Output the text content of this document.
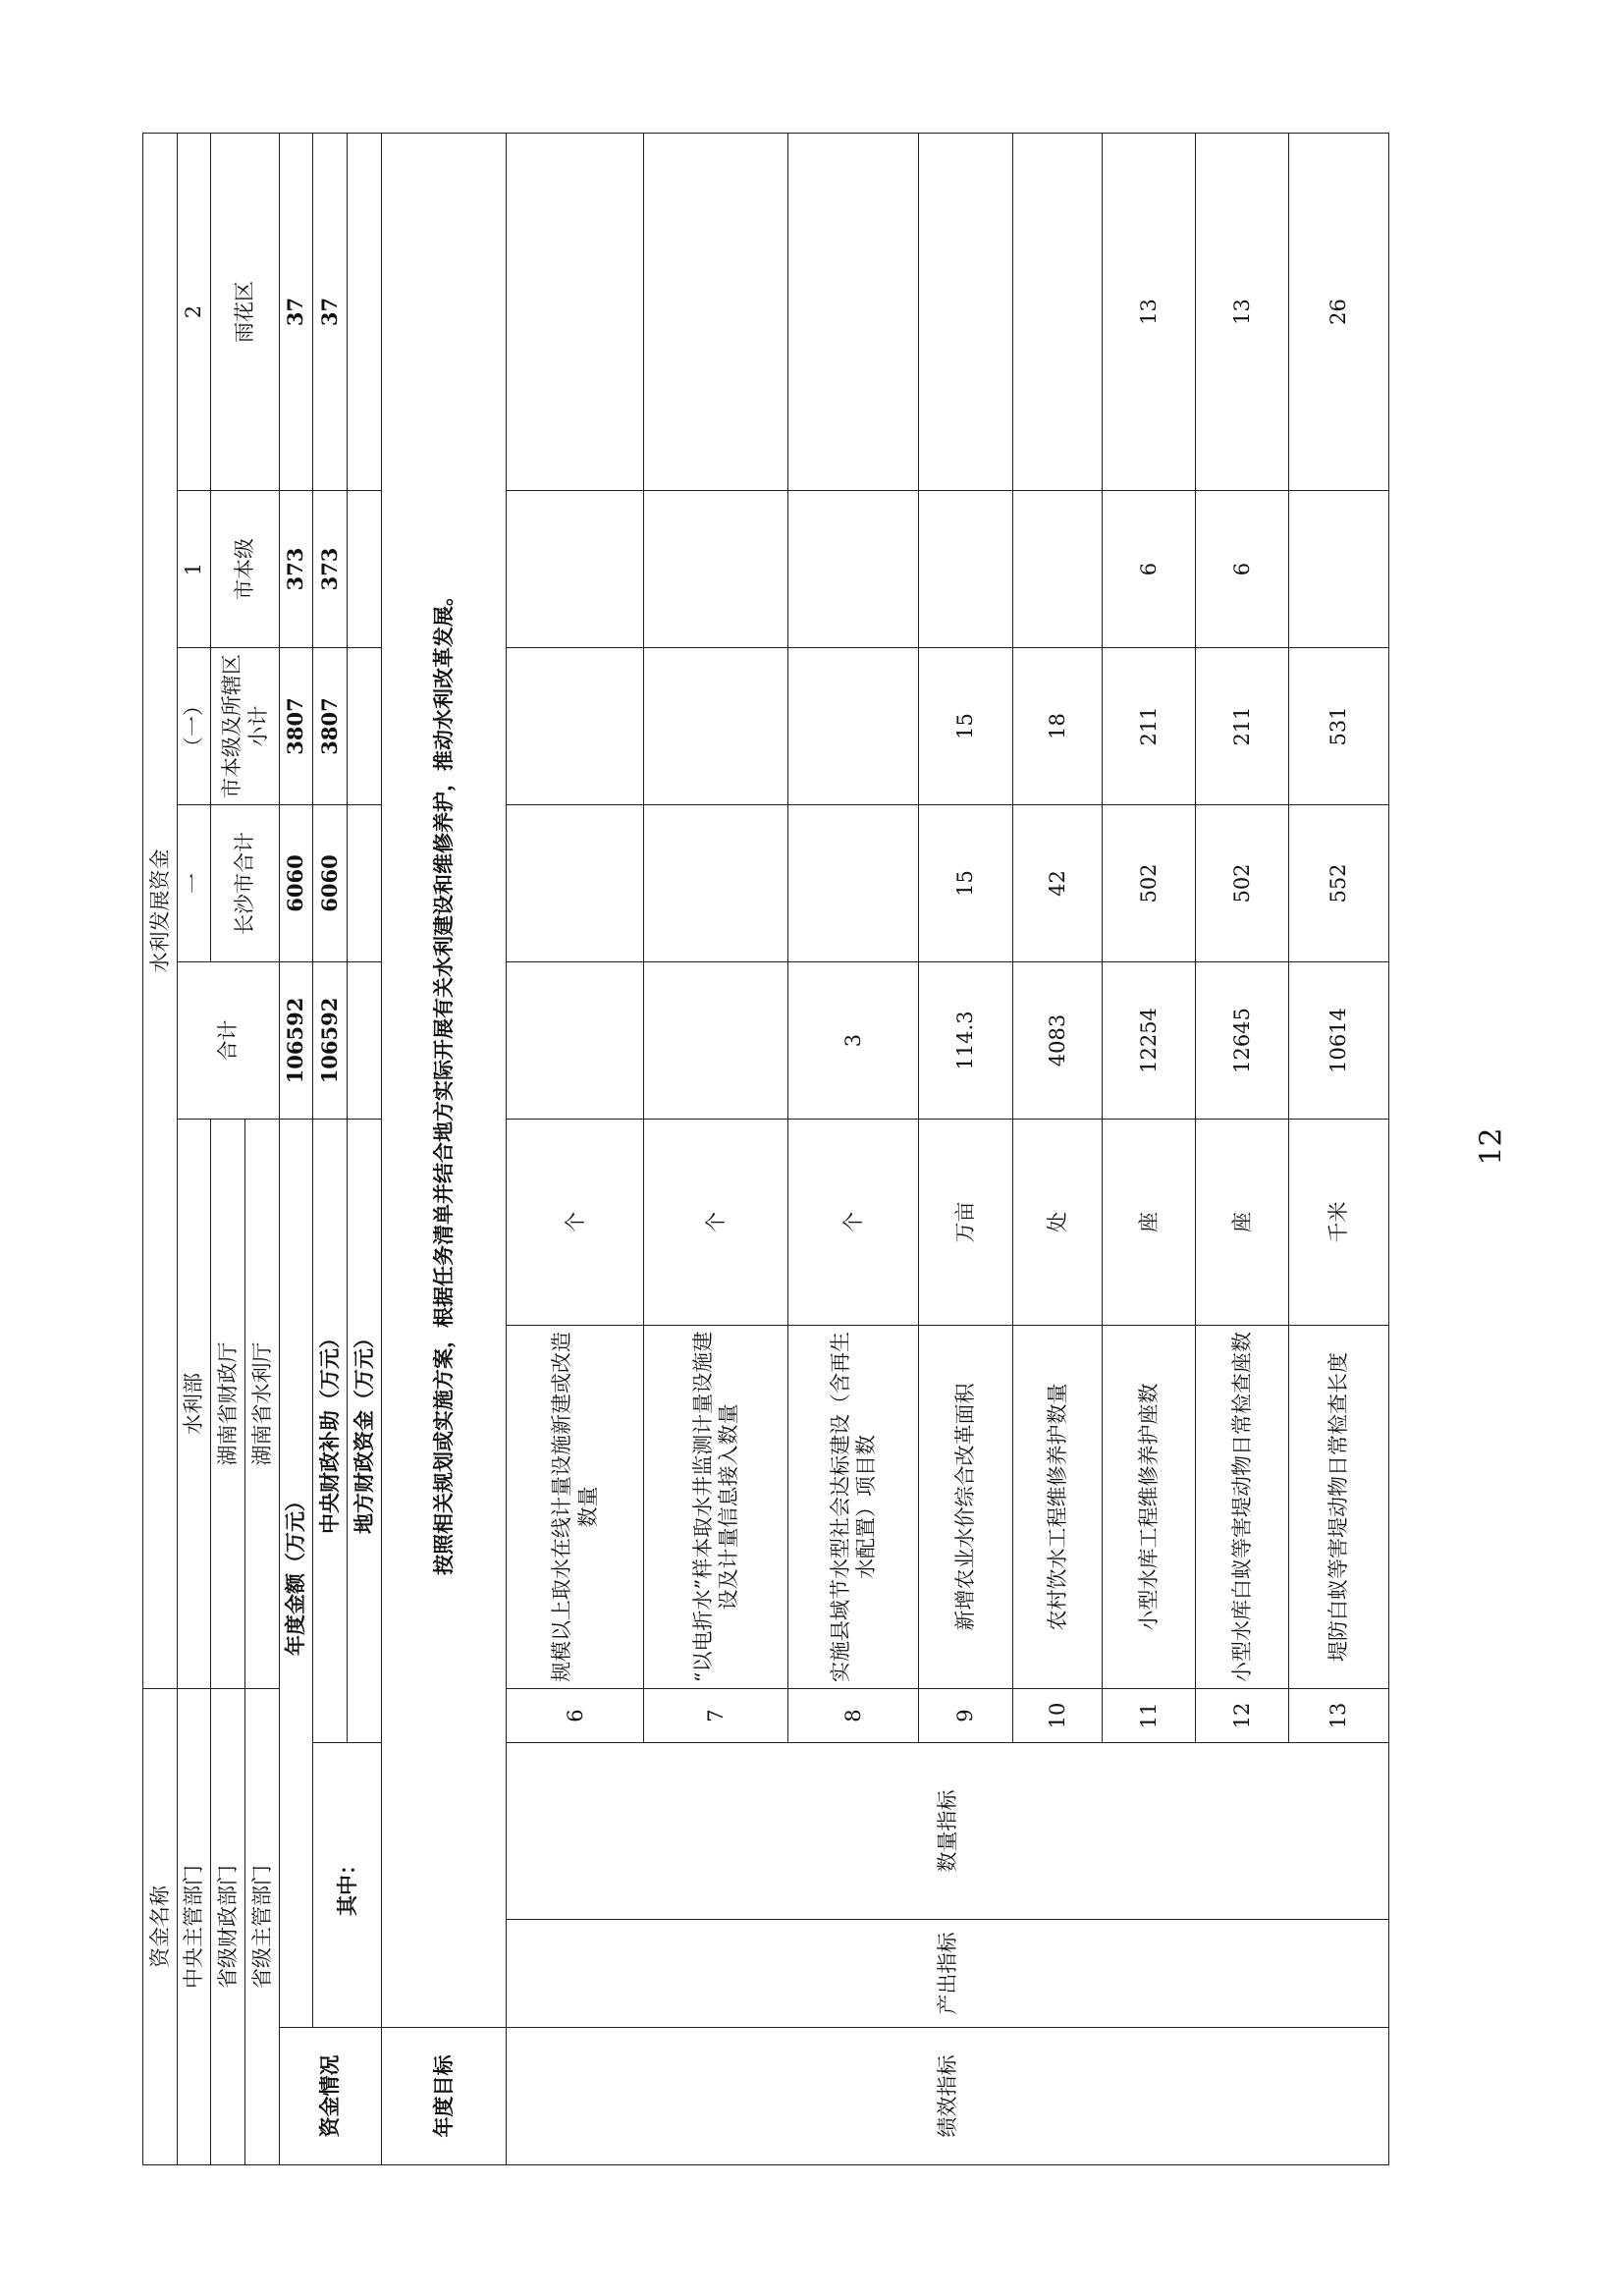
资金名称				水利发展资金						
中央主管部门				水利部		合计	一	（一）	1	2
省级财政部门				湖南省财政厅			长沙市合计	市本级及所辖区小计	市本级	雨花区
省级主管部门				湖南省水利厅						
资金情况	年度金额（万元）					106592	6060	3807	373	37
	其中：		中央财政补助（万元）			106592	6060	3807	373	37
			地方财政资金（万元）							
年度目标	按照相关规划或实施方案，根据任务清单并结合地方实际开展有关水利建设和维修养护，推动水利改革发展。									
绩效指标	产出指标	数量指标	6	规模以上取水在线计量设施新建或改造数量	个					
			7	“以电折水”样本取水井监测计量设施建设及计量信息接入数量	个					
			8	实施县域节水型社会达标建设（含再生水配置）项目数	个	3				
			9	新增农业水价综合改革面积	万亩	114.3	15	15		
			10	农村饮水工程维修养护数量	处	4083	42	18		
			11	小型水库工程维修养护座数	座	12254	502	211	6	13
			12	小型水库白蚁等害堤动物日常检查座数	座	12645	502	211	6	13
			13	堤防白蚁等害堤动物日常检查长度	千米	10614	552	531		26
12
